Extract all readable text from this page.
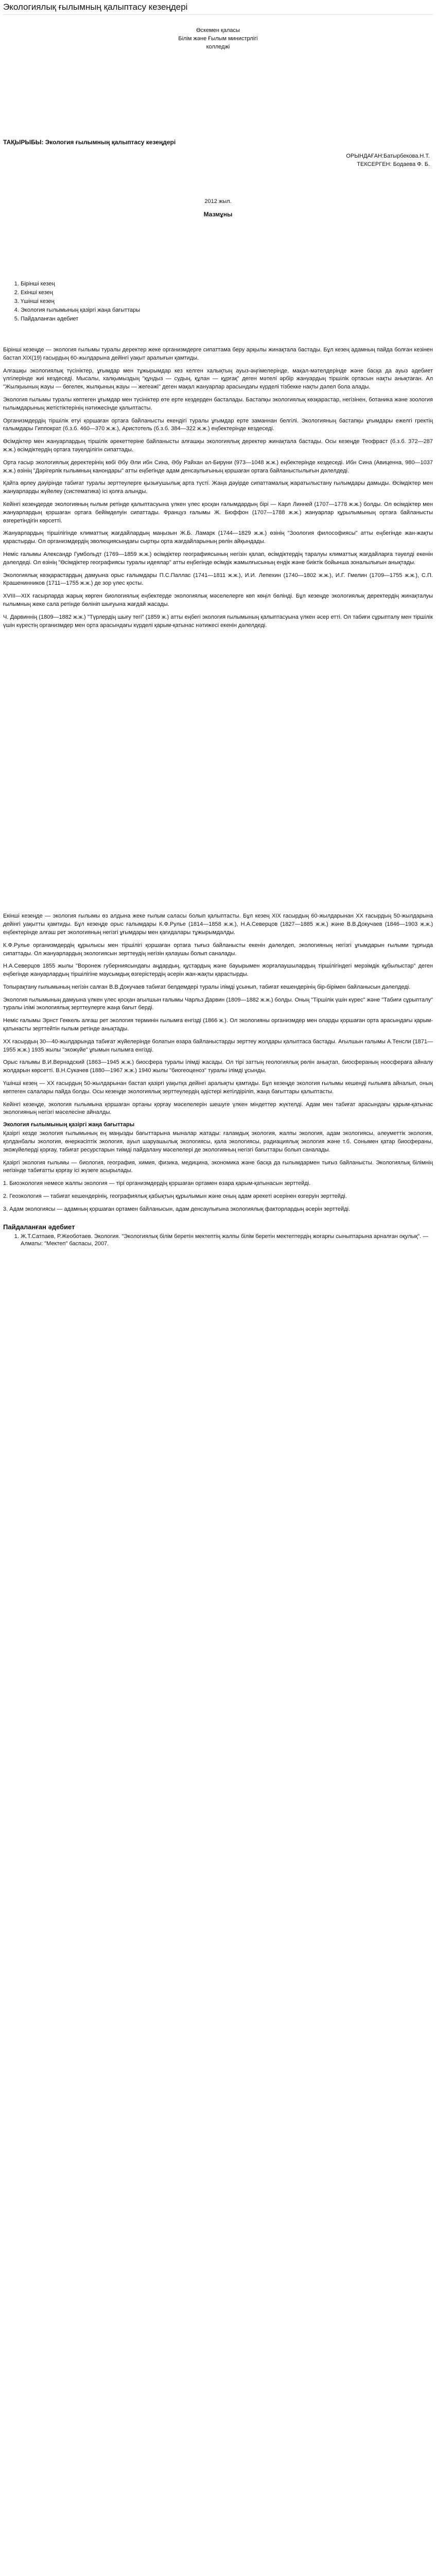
Экологиялық ғылымның қалыптасу кезеңдері
Өскемен қаласы
Білім және Ғылым министрлігі
колледжі
ТАҚЫРЫБЫ: Экология ғылымның қалыптасу кезеңдері
ОРЫНДАҒАН:Батырбекова.Н.Т.
ТЕКСЕРГЕН: Бодаева Ф. Б.
2012 жыл.
Мазмұны
1. Бірінші кезең
2. Екінші кезең
3. Үшінші кезең
4. Экология ғылымының қазіргі жаңа бағыттары
5. Пайдаланған әдебиет

Бірінші кезеңде — экология ғылымы туралы деректер жеке организмдерге сипаттама беру арқылы жинақтала бастады. Бұл кезең адамның пайда болған кезінен бастап XIX(19) ғасырдың 60-жылдарына дейінгі уақыт аралығын қамтиды.

Алғашқы экологиялық түсініктер, ұғымдар мен тұжырымдар кез келген халықтың ауыз-әңгімелерінде, мақал-мәтелдерінде және басқа да ауыз әдебиет үлгілерінде жиі кездеседі. Мысалы, халқымыздың "құндыз — судың, құлан — құрғақ" деген мәтелі әрбір жануардың тіршілік ортасын нақты анықтаған. Ал "Жылқыының жауы — бөгелек, жылқының жауы — жегеәжі" деген мақал жануарлар арасындағы күрделі тізбекке нақты дәлел бола алады.

Экология ғылымы туралы көптеген ұғымдар мен түсініктер өте ерте кездерден басталады. Бастапқы экологиялық көзқарастар, негізінен, ботаника және зоология ғылымдарының жетістіктерінің нәтижесінде қалыптасты.

Организмдердің тіршілік етуі қоршаған ортаға байланысты екендігі туралы ұғымдар ерте заманнан белгілі. Экологияның бастапқы ұғымдары ежелгі гректің ғалымдары Гиппократ (б.з.б. 460—370 ж.ж.), Аристотель (б.з.б. 384—322 ж.ж.) еңбектерінде кездеседі.

Өсімдіктер мен жануарлардың тіршілік әрекеттеріне байланысты алғашқы экологиялық деректер жинақтала бастады. Осы кезеңде Теофраст (б.з.б. 372—287 ж.ж.) өсімдіктердің ортаға тәуелділігін сипаттады.

Орта ғасыр экологиялық деректерінің көбі Әбу Әли ибн Сина, Әбу Райхан әл-Бируни (973—1048 ж.ж.) еңбектерінде кездеседі. Ибн Сина (Авиценна, 980—1037 ж.ж.) өзінің "Дәрігерлік ғылымның канондары" атты еңбегінде адам денсаулығының қоршаған ортаға байланыстылығын дәлелдеді.

Қайта өрлеу дәуірінде табиғат туралы зерттеулерге қызығушылық арта түсті. Жаңа дәуірде сипаттамалық жаратылыстану ғылымдары дамыды. Өсімдіктер мен жануарларды жүйелеу (систематика) ісі қолға алынды.

Кейінгі кезеңдерде экологияның ғылым ретінде қалыптасуына үлкен үлес қосқан ғалымдардың бірі — Карл Линней (1707—1778 ж.ж.) болды. Ол өсімдіктер мен жануарлардың қоршаған ортаға бейімделуін сипаттады. Француз ғалымы Ж. Бюффон (1707—1788 ж.ж.) жануарлар құрылымының ортаға байланысты өзгеретіндігін көрсетті.

Жануарлардың тіршілігінде климаттық жағдайлардың маңызын Ж.Б. Ламарк (1744—1829 ж.ж.) өзінің "Зоология философиясы" атты еңбегінде жан-жақты қарастырды. Ол организмдердің эволюциясындағы сыртқы орта жағдайларының рөлін айқындады.

Неміс ғалымы Александр Гумбольдт (1769—1859 ж.ж.) өсімдіктер географиясының негізін қалап, өсімдіктердің таралуы климаттық жағдайларға тәуелді екенін дәлелдеді. Ол өзінің "Өсімдіктер географиясы туралы идеялар" атты еңбегінде өсімдік жамылғысының ендік және биіктік бойынша зоналылығын анықтады.

Экологиялық көзқарастардың дамуына орыс ғалымдары П.С.Паллас (1741—1811 ж.ж.), И.И. Лепехин (1740—1802 ж.ж.), И.Г. Гмелин (1709—1755 ж.ж.), С.П. Крашенинников (1711—1755 ж.ж.) де зор үлес қосты.

XVIII—XIX ғасырларда жарық көрген биологиялық еңбектерде экологиялық мәселелерге көп көңіл бөлінді. Бұл кезеңде экологиялық деректердің жинақталуы ғылымның жеке сала ретінде бөлініп шығуына жағдай жасады.

Ч. Дарвиннің (1809—1882 ж.ж.) "Түрлердің шығу тегі" (1859 ж.) атты еңбегі экология ғылымының қалыптасуына үлкен әсер етті. Ол табиғи сұрыпталу мен тіршілік үшін күрестің организмдер мен орта арасындағы күрделі қарым-қатынас нәтижесі екенін дәлелдеді.

Екінші кезеңде — экология ғылымы өз алдына жеке ғылым саласы болып қалыптасты. Бұл кезең XIX ғасырдың 60-жылдарынан XX ғасырдың 50-жылдарына дейінгі уақытты қамтиды. Бұл кезеңде орыс ғалымдары К.Ф.Рулье (1814—1858 ж.ж.), Н.А.Северцов (1827—1885 ж.ж.) және В.В.Докучаев (1846—1903 ж.ж.) еңбектерінде алғаш рет экологияның негізгі ұғымдары мен қағидалары тұжырымдалды.

К.Ф.Рулье организмдердің құрылысы мен тіршілігі қоршаған ортаға тығыз байланысты екенін дәлелдеп, экологияның негізгі ұғымдарын ғылыми тұрғыда сипаттады. Ол жануарлардың экологиясын зерттеудің негізін қалаушы болып саналады.

Н.А.Северцов 1855 жылы "Воронеж губерниясындағы аңдардың, құстардың және бауырымен жорғалаушылардың тіршілігіндегі мерзімдік құбылыстар" деген еңбегінде жануарлардың тіршілігіне маусымдық өзгерістердің әсерін жан-жақты қарастырды.

Топырақтану ғылымының негізін салған В.В.Докучаев табиғат белдемдері туралы ілімді ұсынып, табиғат кешендерінің бір-бірімен байланысын дәлелдеді.

Экология ғылымының дамуына үлкен үлес қосқан ағылшын ғалымы Чарльз Дарвин (1809—1882 ж.ж.) болды. Оның "Тіршілік үшін күрес" және "Табиғи сұрыпталу" туралы ілімі экологиялық зерттеулерге жаңа бағыт берді.

Неміс ғалымы Эрнст Геккель алғаш рет экология терминін ғылымға енгізді (1866 ж.). Ол экологияны организмдер мен оларды қоршаған орта арасындағы қарым-қатынасты зерттейтін ғылым ретінде анықтады.

XX ғасырдың 30—40-жылдарында табиғат жүйелерінде болатын өзара байланыстарды зерттеу жолдары қалыптаса бастады. Ағылшын ғалымы А.Тенсли (1871—1955 ж.ж.) 1935 жылы "экожүйе" ұғымын ғылымға енгізді.

Орыс ғалымы В.И.Вернадский (1863—1945 ж.ж.) биосфера туралы ілімді жасады. Ол тірі заттың геологиялық рөлін анықтап, биосфераның ноосфераға айналу жолдарын көрсетті. В.Н.Сукачев (1880—1967 ж.ж.) 1940 жылы "биогеоценоз" туралы ілімді ұсынды.

Үшінші кезең — XX ғасырдың 50-жылдарынан бастап қазіргі уақытқа дейінгі аралықты қамтиды. Бұл кезеңде экология ғылымы кешенді ғылымға айналып, оның көптеген салалары пайда болды. Осы кезеңде экологиялық зерттеулердің әдістері жетілдіріліп, жаңа бағыттары қалыптасты.

Кейінгі кезеңде, экология ғылымына қоршаған ортаны қорғау мәселелерін шешуге үлкен міндеттер жүктелді. Адам мен табиғат арасындағы қарым-қатынас экологияның негізгі мәселесіне айналды.

Экология ғылымының қазіргі жаңа бағыттары

Қазіргі кезде экология ғылымының ең маңызды бағыттарына мыналар жатады: ғаламдық экология, жалпы экология, адам экологиясы, әлеуметтік экология, қолданбалы экология, өнеркәсіптік экология, ауыл шаруашылық экологиясы, қала экологиясы, радиациялық экология және т.б. Сонымен қатар биосфераны, экожүйелерді қорғау, табиғат ресурстарын тиімді пайдалану мәселелері де экологияның негізгі бағыттары болып саналады.

Қазіргі экология ғылымы — биология, география, химия, физика, медицина, экономика және басқа да ғылымдармен тығыз байланысты. Экологиялық білімнің негізінде табиғатты қорғау ісі жүзеге асырылады.

1. Биоэкология немесе жалпы экология — тірі организмдердің қоршаған ортамен өзара қарым-қатынасын зерттейді.

2. Геоэкология — табиғат кешендерінің, географиялық қабықтың құрылымын және оның адам әрекеті әсерінен өзгеруін зерттейді.

3. Адам экологиясы — адамның қоршаған ортамен байланысын, адам денсаулығына экологиялық факторлардың әсерін зерттейді.

Пайдаланған әдебиет
1. Ж.Т.Сатпаев, Р.Жеоботаев. Экология. "Экологиялық білім беретін мектептің жалпы білім беретін мектептердің жоғарғы сыныптарына арналған оқулық". — Алматы: "Мектеп" баспасы, 2007.
